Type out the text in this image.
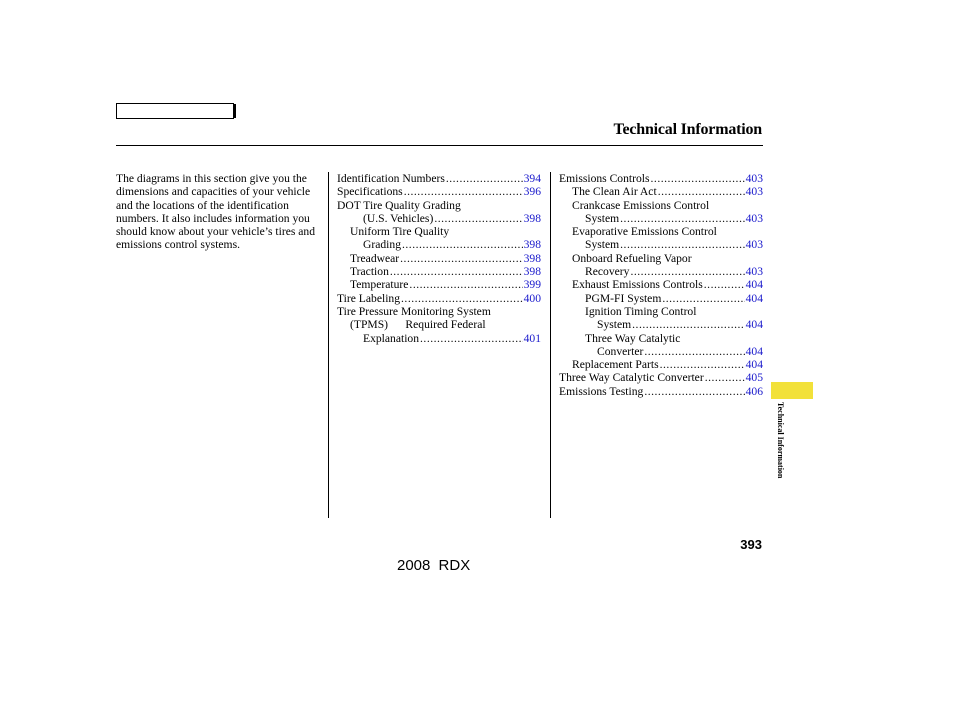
Technical Information
The diagrams in this section give you the dimensions and capacities of your vehicle and the locations of the identification numbers. It also includes information you should know about your vehicle’s tires and emissions control systems.
Identification Numbers .....	394
Specifications .....	396
DOT Tire Quality Grading
(U.S. Vehicles) .....	398
Uniform Tire Quality
Grading .....	398
Treadwear .....	398
Traction .....	398
Temperature .....	399
Tire Labeling .....	400
Tire Pressure Monitoring System
(TPMS)      Required Federal
Explanation .....	401
Emissions Controls .....	403
The Clean Air Act .....	403
Crankcase Emissions Control
System .....	403
Evaporative Emissions Control
System .....	403
Onboard Refueling Vapor
Recovery .....	403
Exhaust Emissions Controls .....	404
PGM-FI System .....	404
Ignition Timing Control
System .....	404
Three Way Catalytic
Converter .....	404
Replacement Parts .....	404
Three Way Catalytic Converter .....	405
Emissions Testing .....	406
Technical Information
393
2008 RDX
